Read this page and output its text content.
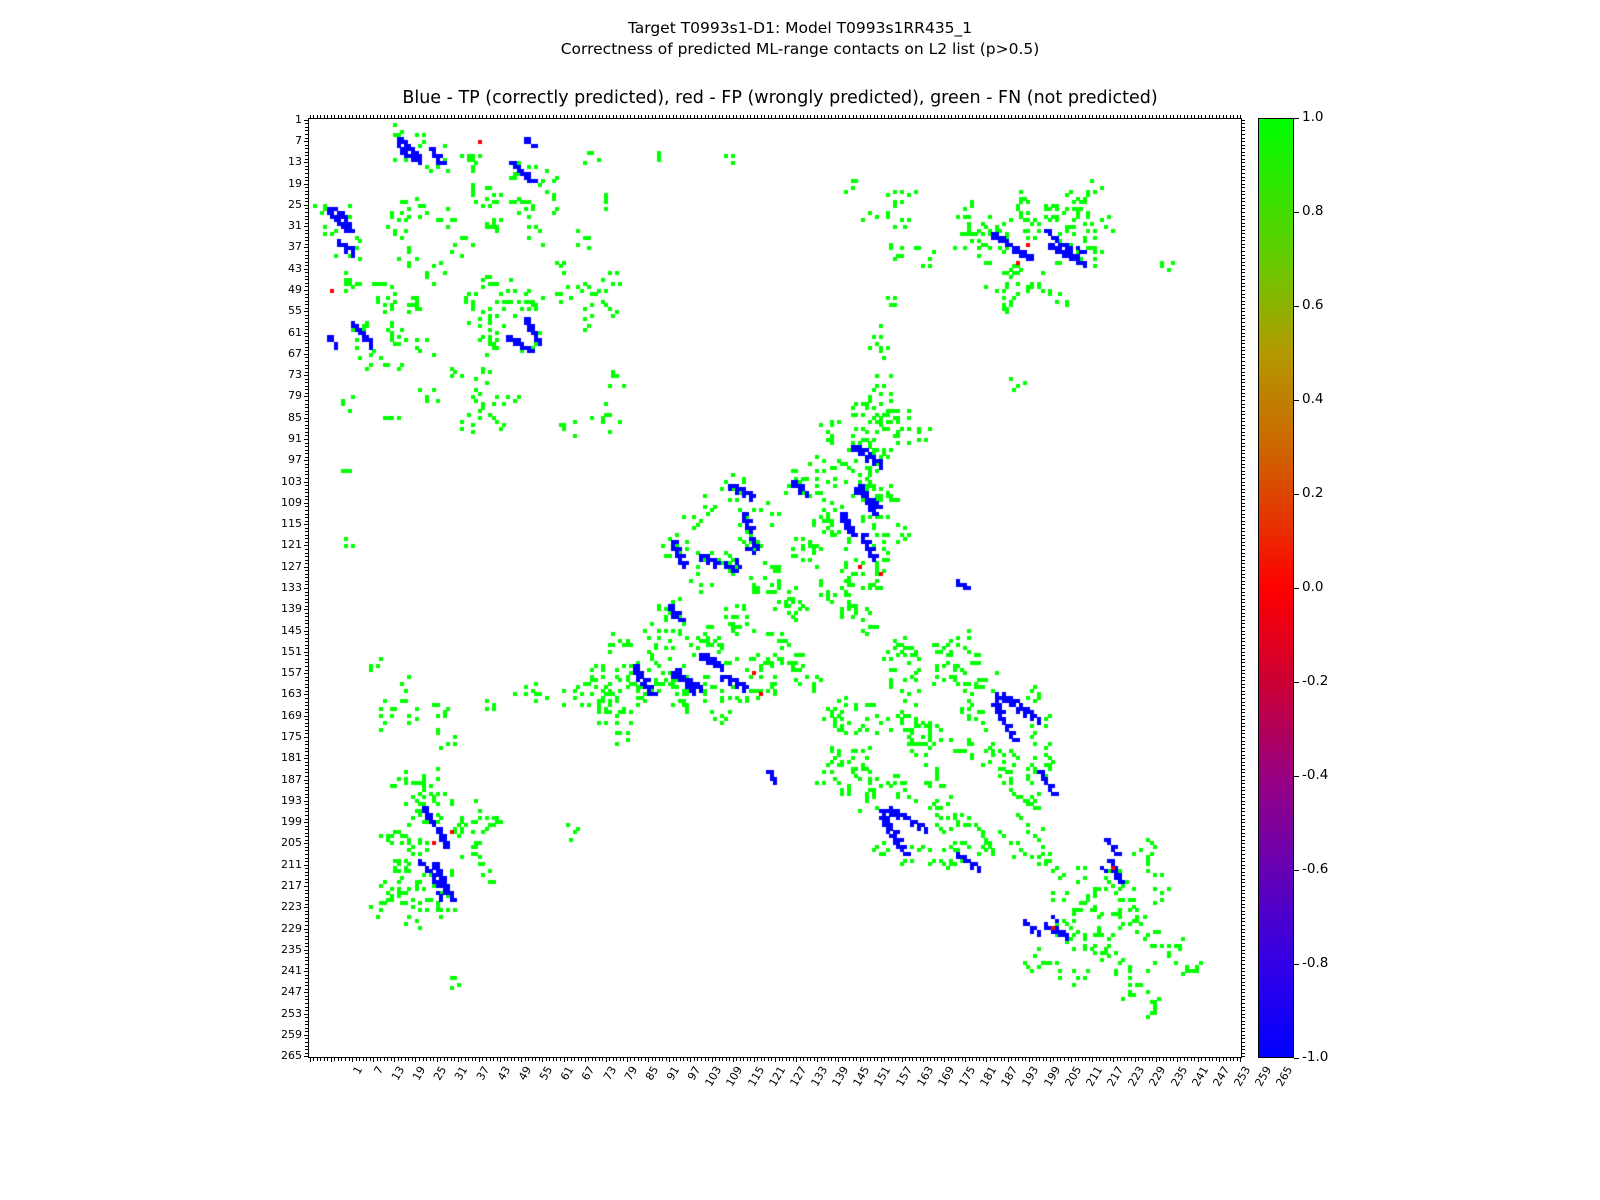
Target T0993s1-D1: Model T0993s1RR435_1
Correctness of predicted ML-range contacts on L2 list (p>0.5)
Blue - TP (correctly predicted), red - FP (wrongly predicted), green - FN (not predicted)
1
7
13
19
25
31
37
43
49
55
61
67
73
79
85
91
97
103
109
115
121
127
133
139
145
151
157
163
169
175
181
187
193
199
205
211
217
223
229
235
241
247
253
259
265
1 7 13 19 25 31 37 43 49 55 61 67 73 79 85 91 97 103 109 115 121 127 133 139 145 151 157 163 169 175 181 187 193 199 205 211 217 223 229 235 241 247 253 259 265
1.0
0.8
0.6
0.4
0.2
0.0
-0.2
-0.4
-0.6
-0.8
-1.0
